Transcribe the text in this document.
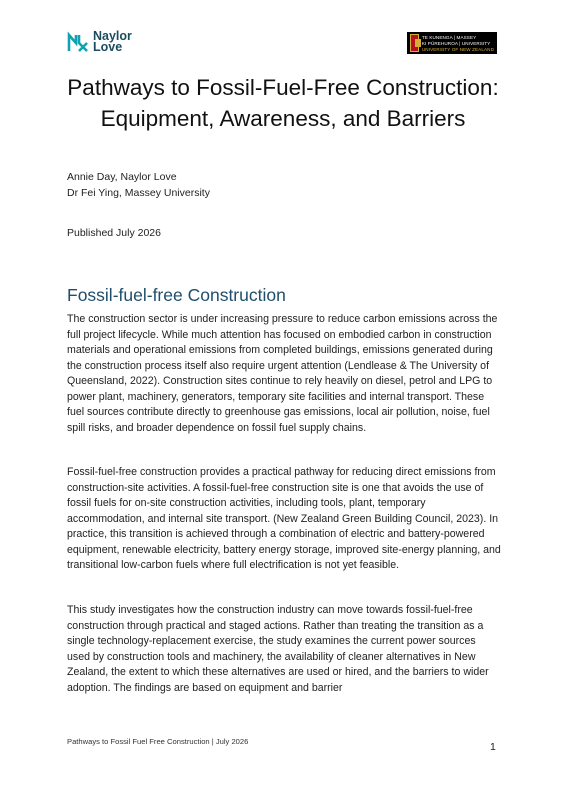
Naylor
Love
TE KUNENGA | MASSEY
KI PŪREHUROA | UNIVERSITY
UNIVERSITY OF NEW ZEALAND
Pathways to Fossil-Fuel-Free Construction: Equipment, Awareness, and Barriers
Annie Day, Naylor Love
Dr Fei Ying, Massey University
Published July 2026
Fossil-fuel-free Construction

The construction sector is under increasing pressure to reduce carbon emissions across the full project lifecycle. While much attention has focused on embodied carbon in construction materials and operational emissions from completed buildings, emissions generated during the construction process itself also require urgent attention (Lendlease & The University of Queensland, 2022). Construction sites continue to rely heavily on diesel, petrol and LPG to power plant, machinery, generators, temporary site facilities and internal transport. These fuel sources contribute directly to greenhouse gas emissions, local air pollution, noise, fuel spill risks, and broader dependence on fossil fuel supply chains.

Fossil-fuel-free construction provides a practical pathway for reducing direct emissions from construction-site activities. A fossil-fuel-free construction site is one that avoids the use of fossil fuels for on-site construction activities, including tools, plant, temporary accommodation, and internal site transport. (New Zealand Green Building Council, 2023). In practice, this transition is achieved through a combination of electric and battery-powered equipment, renewable electricity, battery energy storage, improved site-energy planning, and transitional low-carbon fuels where full electrification is not yet feasible.

This study investigates how the construction industry can move towards fossil-fuel-free construction through practical and staged actions. Rather than treating the transition as a single technology-replacement exercise, the study examines the current power sources used by construction tools and machinery, the availability of cleaner alternatives in New Zealand, the extent to which these alternatives are used or hired, and the barriers to wider adoption. The findings are based on equipment and barrier

Pathways to Fossil Fuel Free Construction | July 2026	1
